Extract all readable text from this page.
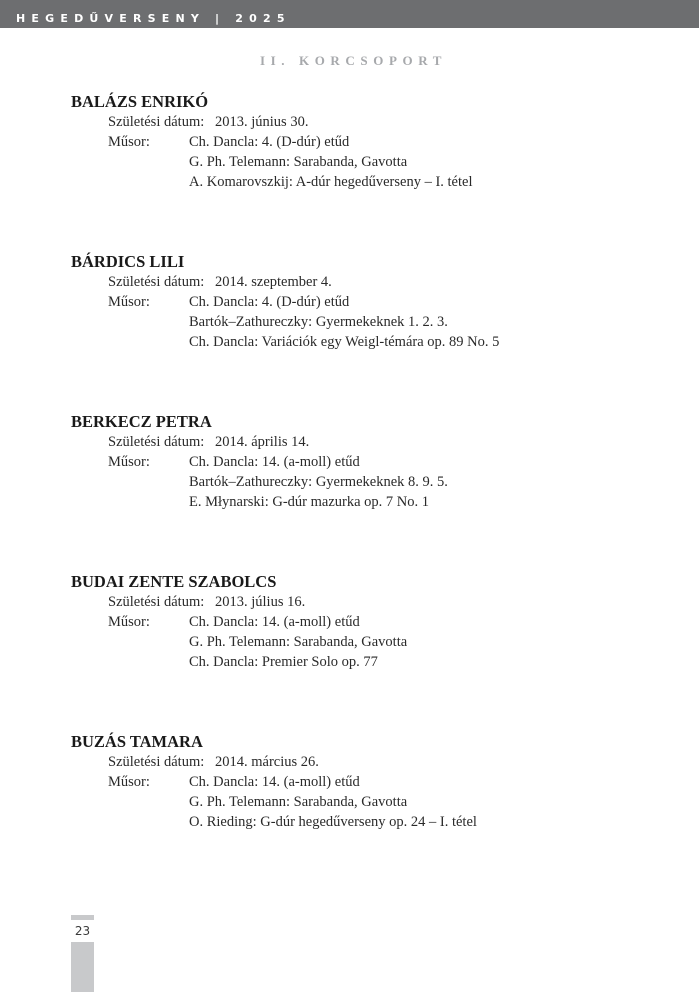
HEGEDŰVERSENY | 2025
II. KORCSOPORT
BALÁZS ENRIKÓ
Születési dátum: 2013. június 30.
Műsor:	Ch. Dancla: 4. (D-dúr) etűd
G. Ph. Telemann: Sarabanda, Gavotta
A. Komarovszkij: A-dúr hegedűverseny – I. tétel
BÁRDICS LILI
Születési dátum: 2014. szeptember 4.
Műsor:	Ch. Dancla: 4. (D-dúr) etűd
Bartók–Zathureczky: Gyermekeknek 1. 2. 3.
Ch. Dancla: Variációk egy Weigl-témára op. 89 No. 5
BERKECZ PETRA
Születési dátum: 2014. április 14.
Műsor:	Ch. Dancla: 14. (a-moll) etűd
Bartók–Zathureczky: Gyermekeknek 8. 9. 5.
E. Młynarski: G-dúr mazurka op. 7 No. 1
BUDAI ZENTE SZABOLCS
Születési dátum: 2013. július 16.
Műsor:	Ch. Dancla: 14. (a-moll) etűd
G. Ph. Telemann: Sarabanda, Gavotta
Ch. Dancla: Premier Solo op. 77
BUZÁS TAMARA
Születési dátum: 2014. március 26.
Műsor:	Ch. Dancla: 14. (a-moll) etűd
G. Ph. Telemann: Sarabanda, Gavotta
O. Rieding: G-dúr hegedűverseny op. 24 – I. tétel
23
